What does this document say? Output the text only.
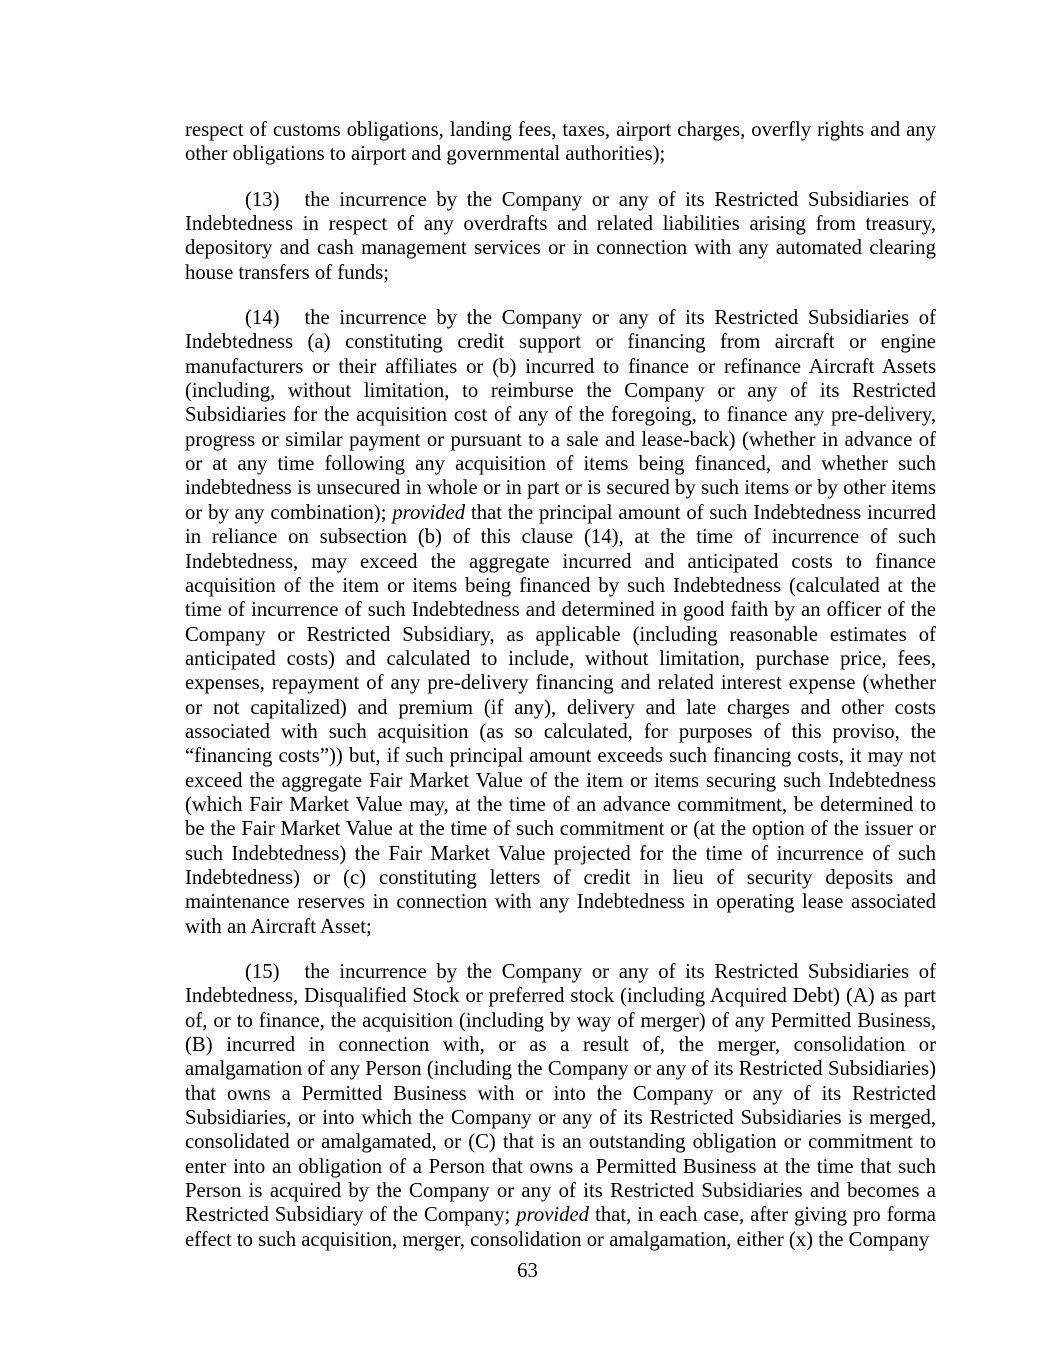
respect of customs obligations, landing fees, taxes, airport charges, overfly rights and any other obligations to airport and governmental authorities);

(13) the incurrence by the Company or any of its Restricted Subsidiaries of Indebtedness in respect of any overdrafts and related liabilities arising from treasury, depository and cash management services or in connection with any automated clearing house transfers of funds;

(14) the incurrence by the Company or any of its Restricted Subsidiaries of Indebtedness (a) constituting credit support or financing from aircraft or engine manufacturers or their affiliates or (b) incurred to finance or refinance Aircraft Assets (including, without limitation, to reimburse the Company or any of its Restricted Subsidiaries for the acquisition cost of any of the foregoing, to finance any pre-delivery, progress or similar payment or pursuant to a sale and lease-back) (whether in advance of or at any time following any acquisition of items being financed, and whether such indebtedness is unsecured in whole or in part or is secured by such items or by other items or by any combination); provided that the principal amount of such Indebtedness incurred in reliance on subsection (b) of this clause (14), at the time of incurrence of such Indebtedness, may exceed the aggregate incurred and anticipated costs to finance acquisition of the item or items being financed by such Indebtedness (calculated at the time of incurrence of such Indebtedness and determined in good faith by an officer of the Company or Restricted Subsidiary, as applicable (including reasonable estimates of anticipated costs) and calculated to include, without limitation, purchase price, fees, expenses, repayment of any pre-delivery financing and related interest expense (whether or not capitalized) and premium (if any), delivery and late charges and other costs associated with such acquisition (as so calculated, for purposes of this proviso, the “financing costs”)) but, if such principal amount exceeds such financing costs, it may not exceed the aggregate Fair Market Value of the item or items securing such Indebtedness (which Fair Market Value may, at the time of an advance commitment, be determined to be the Fair Market Value at the time of such commitment or (at the option of the issuer or such Indebtedness) the Fair Market Value projected for the time of incurrence of such Indebtedness) or (c) constituting letters of credit in lieu of security deposits and maintenance reserves in connection with any Indebtedness in operating lease associated with an Aircraft Asset;

(15) the incurrence by the Company or any of its Restricted Subsidiaries of Indebtedness, Disqualified Stock or preferred stock (including Acquired Debt) (A) as part of, or to finance, the acquisition (including by way of merger) of any Permitted Business, (B) incurred in connection with, or as a result of, the merger, consolidation or amalgamation of any Person (including the Company or any of its Restricted Subsidiaries) that owns a Permitted Business with or into the Company or any of its Restricted Subsidiaries, or into which the Company or any of its Restricted Subsidiaries is merged, consolidated or amalgamated, or (C) that is an outstanding obligation or commitment to enter into an obligation of a Person that owns a Permitted Business at the time that such Person is acquired by the Company or any of its Restricted Subsidiaries and becomes a Restricted Subsidiary of the Company; provided that, in each case, after giving pro forma effect to such acquisition, merger, consolidation or amalgamation, either (x) the Company

63
